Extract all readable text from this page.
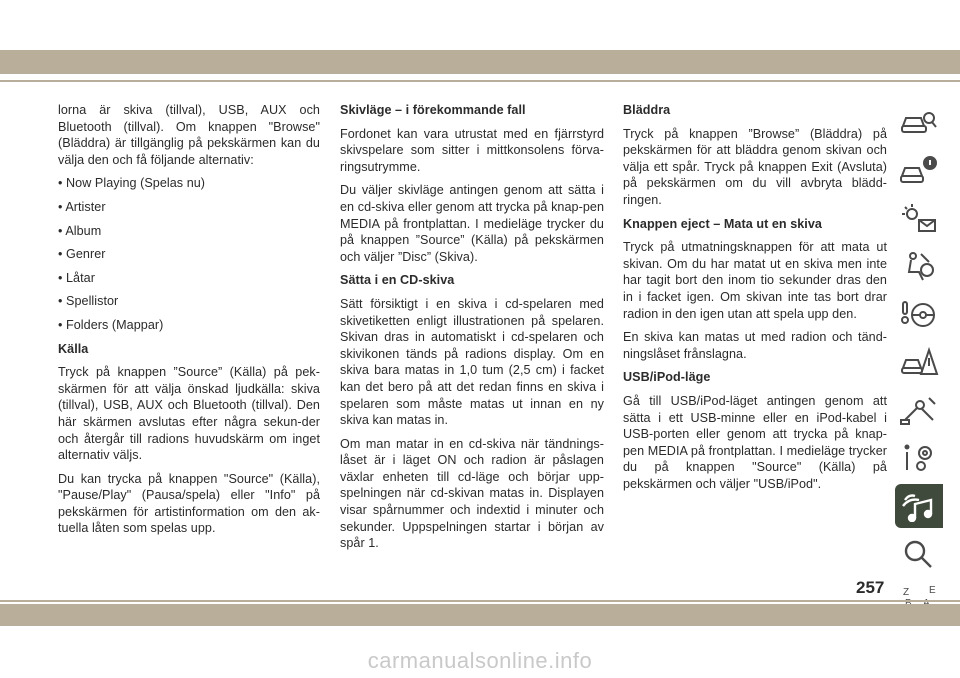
lorna är skiva (tillval), USB, AUX och Bluetooth (tillval). Om knappen "Browse" (Bläddra) är tillgänglig på pekskärmen kan du välja den och få följande alternativ:

• Now Playing (Spelas nu)

• Artister

• Album

• Genrer

• Låtar

• Spellistor

• Folders (Mappar)

Källa

Tryck på knappen ”Source” (Källa) på pek-skärmen för att välja önskad ljudkälla: skiva (tillval), USB, AUX och Bluetooth (tillval). Den här skärmen avslutas efter några sekun-der och återgår till radions huvudskärm om inget alternativ väljs.

Du kan trycka på knappen "Source" (Källa), "Pause/Play" (Pausa/spela) eller "Info" på pekskärmen för artistinformation om den ak-tuella låten som spelas upp.

Skivläge – i förekommande fall

Fordonet kan vara utrustat med en fjärrstyrd skivspelare som sitter i mittkonsolens förva-ringsutrymme.

Du väljer skivläge antingen genom att sätta i en cd-skiva eller genom att trycka på knap-pen MEDIA på frontplattan. I medieläge trycker du på knappen ”Source” (Källa) på pekskärmen och väljer ”Disc” (Skiva).

Sätta i en CD-skiva

Sätt försiktigt i en skiva i cd-spelaren med skivetiketten enligt illustrationen på spelaren. Skivan dras in automatiskt i cd-spelaren och skivikonen tänds på radions display. Om en skiva bara matas in 1,0 tum (2,5 cm) i facket kan det bero på att det redan finns en skiva i spelaren som måste matas ut innan en ny skiva kan matas in.

Om man matar in en cd-skiva när tändnings-låset är i läget ON och radion är påslagen växlar enheten till cd-läge och börjar upp-spelningen när cd-skivan matas in. Displayen visar spårnummer och indextid i minuter och sekunder. Uppspelningen startar i början av spår 1.

Bläddra

Tryck på knappen ”Browse” (Bläddra) på pekskärmen för att bläddra genom skivan och välja ett spår. Tryck på knappen Exit (Avsluta) på pekskärmen om du vill avbryta blädd-ringen.

Knappen eject – Mata ut en skiva

Tryck på utmatningsknappen för att mata ut skivan. Om du har matat ut en skiva men inte har tagit bort den inom tio sekunder dras den in i facket igen. Om skivan inte tas bort drar radion in den igen utan att spela upp den.

En skiva kan matas ut med radion och tänd-ningslåset frånslagna.

USB/iPod-läge

Gå till USB/iPod-läget antingen genom att sätta i ett USB-minne eller en iPod-kabel i USB-porten eller genom att trycka på knap-pen MEDIA på frontplattan. I medieläge trycker du på knappen "Source" (Källa) på pekskärmen och väljer "USB/iPod".

Z E
257
carmanualsonline.info
